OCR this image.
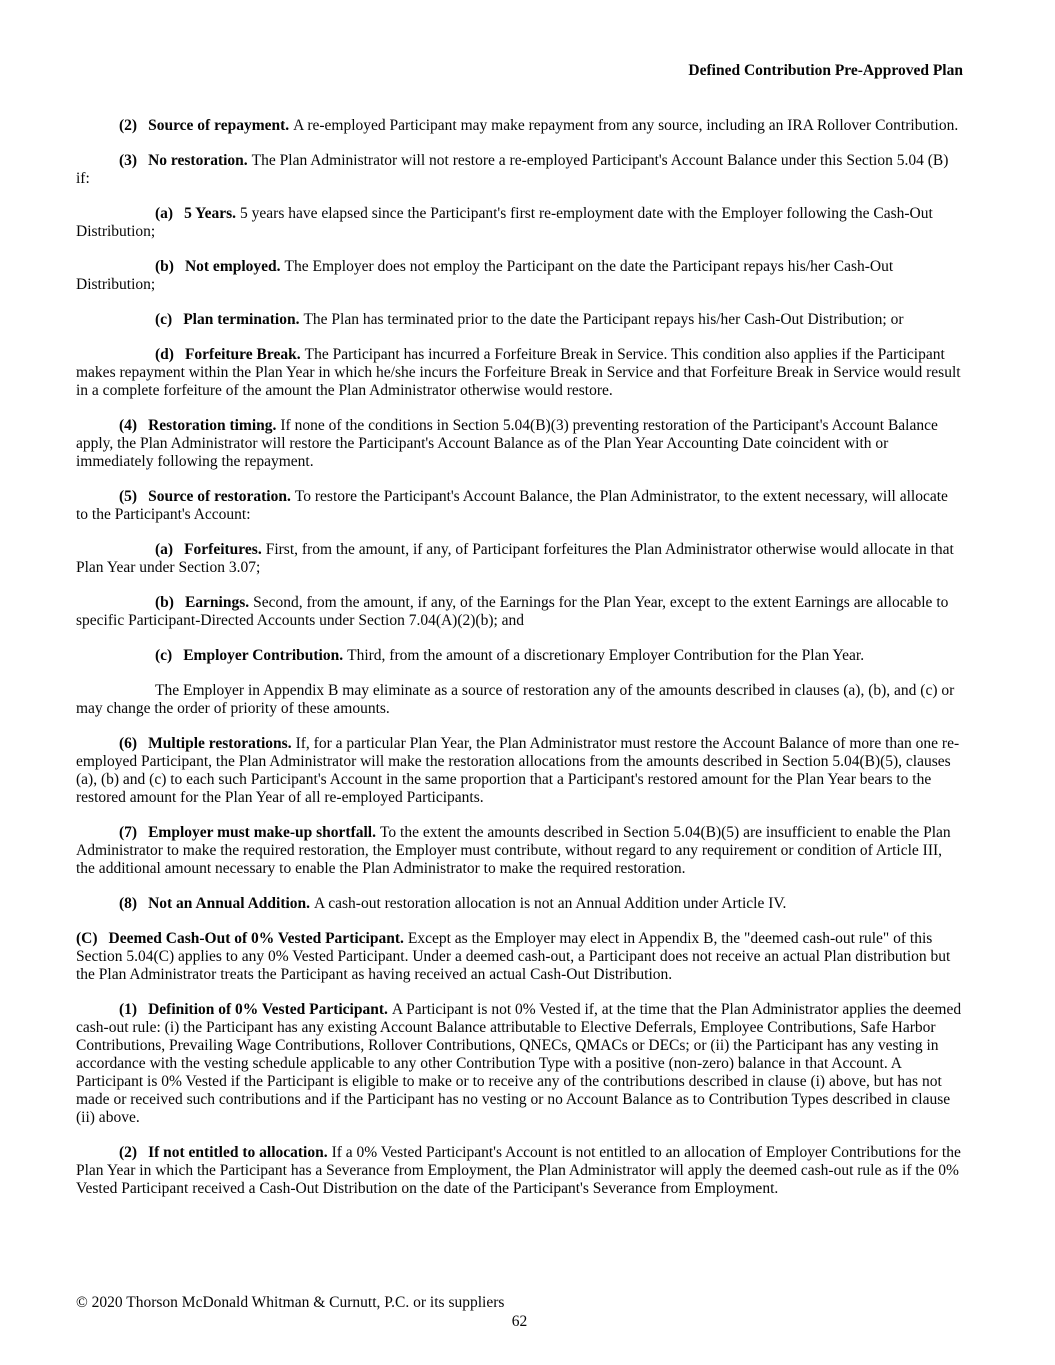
Defined Contribution Pre-Approved Plan

(2) Source of repayment. A re-employed Participant may make repayment from any source, including an IRA Rollover Contribution.

(3) No restoration. The Plan Administrator will not restore a re-employed Participant's Account Balance under this Section 5.04 (B) if:

(a) 5 Years. 5 years have elapsed since the Participant's first re-employment date with the Employer following the Cash-Out Distribution;

(b) Not employed. The Employer does not employ the Participant on the date the Participant repays his/her Cash-Out Distribution;

(c) Plan termination. The Plan has terminated prior to the date the Participant repays his/her Cash-Out Distribution; or

(d) Forfeiture Break. The Participant has incurred a Forfeiture Break in Service. This condition also applies if the Participant makes repayment within the Plan Year in which he/she incurs the Forfeiture Break in Service and that Forfeiture Break in Service would result in a complete forfeiture of the amount the Plan Administrator otherwise would restore.

(4) Restoration timing. If none of the conditions in Section 5.04(B)(3) preventing restoration of the Participant's Account Balance apply, the Plan Administrator will restore the Participant's Account Balance as of the Plan Year Accounting Date coincident with or immediately following the repayment.

(5) Source of restoration. To restore the Participant's Account Balance, the Plan Administrator, to the extent necessary, will allocate to the Participant's Account:

(a) Forfeitures. First, from the amount, if any, of Participant forfeitures the Plan Administrator otherwise would allocate in that Plan Year under Section 3.07;

(b) Earnings. Second, from the amount, if any, of the Earnings for the Plan Year, except to the extent Earnings are allocable to specific Participant-Directed Accounts under Section 7.04(A)(2)(b); and

(c) Employer Contribution. Third, from the amount of a discretionary Employer Contribution for the Plan Year.

The Employer in Appendix B may eliminate as a source of restoration any of the amounts described in clauses (a), (b), and (c) or may change the order of priority of these amounts.

(6) Multiple restorations. If, for a particular Plan Year, the Plan Administrator must restore the Account Balance of more than one re-employed Participant, the Plan Administrator will make the restoration allocations from the amounts described in Section 5.04(B)(5), clauses (a), (b) and (c) to each such Participant's Account in the same proportion that a Participant's restored amount for the Plan Year bears to the restored amount for the Plan Year of all re-employed Participants.

(7) Employer must make-up shortfall. To the extent the amounts described in Section 5.04(B)(5) are insufficient to enable the Plan Administrator to make the required restoration, the Employer must contribute, without regard to any requirement or condition of Article III, the additional amount necessary to enable the Plan Administrator to make the required restoration.

(8) Not an Annual Addition. A cash-out restoration allocation is not an Annual Addition under Article IV.

(C) Deemed Cash-Out of 0% Vested Participant. Except as the Employer may elect in Appendix B, the "deemed cash-out rule" of this Section 5.04(C) applies to any 0% Vested Participant. Under a deemed cash-out, a Participant does not receive an actual Plan distribution but the Plan Administrator treats the Participant as having received an actual Cash-Out Distribution.

(1) Definition of 0% Vested Participant. A Participant is not 0% Vested if, at the time that the Plan Administrator applies the deemed cash-out rule: (i) the Participant has any existing Account Balance attributable to Elective Deferrals, Employee Contributions, Safe Harbor Contributions, Prevailing Wage Contributions, Rollover Contributions, QNECs, QMACs or DECs; or (ii) the Participant has any vesting in accordance with the vesting schedule applicable to any other Contribution Type with a positive (non-zero) balance in that Account. A Participant is 0% Vested if the Participant is eligible to make or to receive any of the contributions described in clause (i) above, but has not made or received such contributions and if the Participant has no vesting or no Account Balance as to Contribution Types described in clause (ii) above.

(2) If not entitled to allocation. If a 0% Vested Participant's Account is not entitled to an allocation of Employer Contributions for the Plan Year in which the Participant has a Severance from Employment, the Plan Administrator will apply the deemed cash-out rule as if the 0% Vested Participant received a Cash-Out Distribution on the date of the Participant's Severance from Employment.

© 2020 Thorson McDonald Whitman & Curnutt, P.C. or its suppliers
62
